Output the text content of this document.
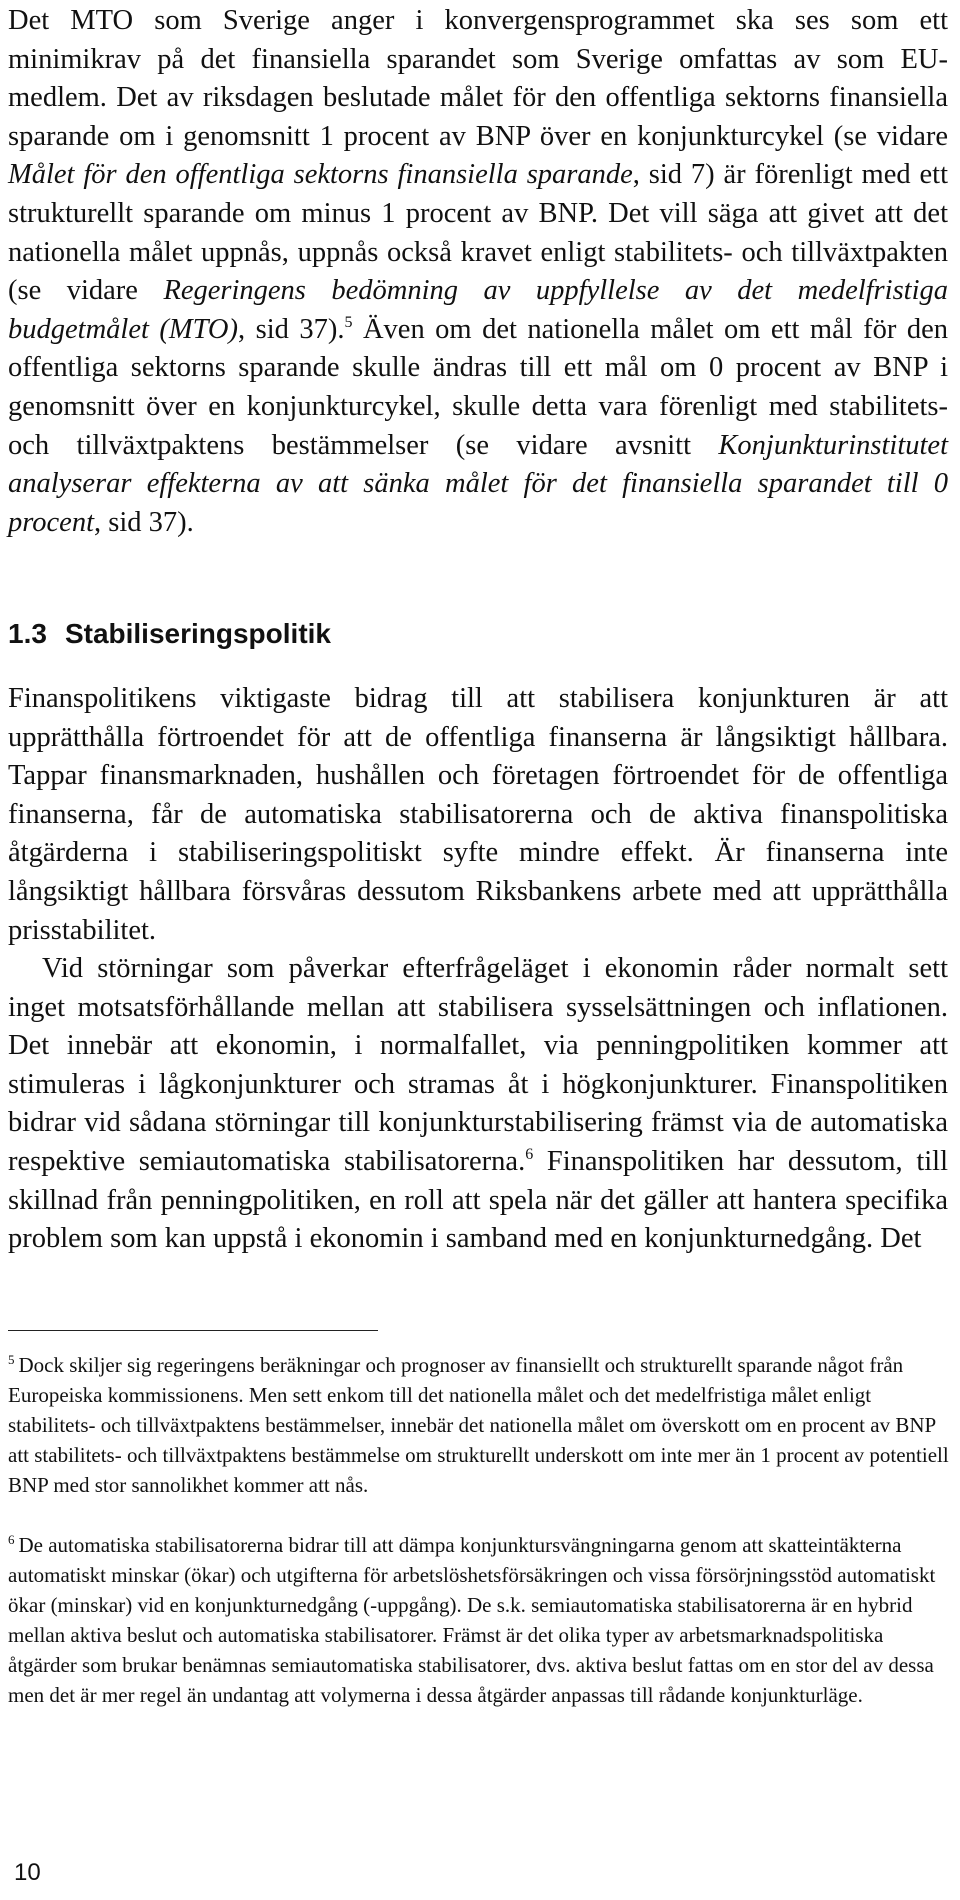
Det MTO som Sverige anger i konvergensprogrammet ska ses som ett minimikrav på det finansiella sparandet som Sverige omfattas av som EU-medlem. Det av riksdagen beslutade målet för den offentliga sektorns finansiella sparande om i genomsnitt 1 procent av BNP över en konjunkturcykel (se vidare Målet för den offentliga sektorns finansiella sparande, sid 7) är förenligt med ett strukturellt sparande om minus 1 procent av BNP. Det vill säga att givet att det nationella målet uppnås, uppnås också kravet enligt stabilitets- och tillväxtpakten (se vidare Regeringens bedömning av uppfyllelse av det medelfristiga budgetmålet (MTO), sid 37).$^5$ Även om det nationella målet om ett mål för den offentliga sektorns sparande skulle ändras till ett mål om 0 procent av BNP i genomsnitt över en konjunkturcykel, skulle detta vara förenligt med stabilitets- och tillväxtpaktens bestämmelser (se vidare avsnitt Konjunkturinstitutet analyserar effekterna av att sänka målet för det finansiella sparandet till 0 procent, sid 37).

1.3 Stabiliseringspolitik

Finanspolitikens viktigaste bidrag till att stabilisera konjunkturen är att upprätthålla förtroendet för att de offentliga finanserna är långsiktigt hållbara. Tappar finansmarknaden, hushållen och företagen förtroendet för de offentliga finanserna, får de automatiska stabilisatorerna och de aktiva finanspolitiska åtgärderna i stabiliseringspolitiskt syfte mindre effekt. Är finanserna inte långsiktigt hållbara försvåras dessutom Riksbankens arbete med att upprätthålla prisstabilitet.

Vid störningar som påverkar efterfrågeläget i ekonomin råder normalt sett inget motsatsförhållande mellan att stabilisera sysselsättningen och inflationen. Det innebär att ekonomin, i normalfallet, via penningpolitiken kommer att stimuleras i lågkonjunkturer och stramas åt i högkonjunkturer. Finanspolitiken bidrar vid sådana störningar till konjunkturstabilisering främst via de automatiska respektive semiautomatiska stabilisatorerna.$^6$ Finanspolitiken har dessutom, till skillnad från penningpolitiken, en roll att spela när det gäller att hantera specifika problem som kan uppstå i ekonomin i samband med en konjunkturnedgång. Det

$^5$ Dock skiljer sig regeringens beräkningar och prognoser av finansiellt och strukturellt sparande något från Europeiska kommissionens. Men sett enkom till det nationella målet och det medelfristiga målet enligt stabilitets- och tillväxtpaktens bestämmelser, innebär det nationella målet om överskott om en procent av BNP att stabilitets- och tillväxtpaktens bestämmelse om strukturellt underskott om inte mer än 1 procent av potentiell BNP med stor sannolikhet kommer att nås.

$^6$ De automatiska stabilisatorerna bidrar till att dämpa konjunktursvängningarna genom att skatteintäkterna automatiskt minskar (ökar) och utgifterna för arbetslöshetsförsäkringen och vissa försörjningsstöd automatiskt ökar (minskar) vid en konjunkturnedgång (-uppgång). De s.k. semiautomatiska stabilisatorerna är en hybrid mellan aktiva beslut och automatiska stabilisatorer. Främst är det olika typer av arbetsmarknadspolitiska åtgärder som brukar benämnas semiautomatiska stabilisatorer, dvs. aktiva beslut fattas om en stor del av dessa men det är mer regel än undantag att volymerna i dessa åtgärder anpassas till rådande konjunkturläge.

10
